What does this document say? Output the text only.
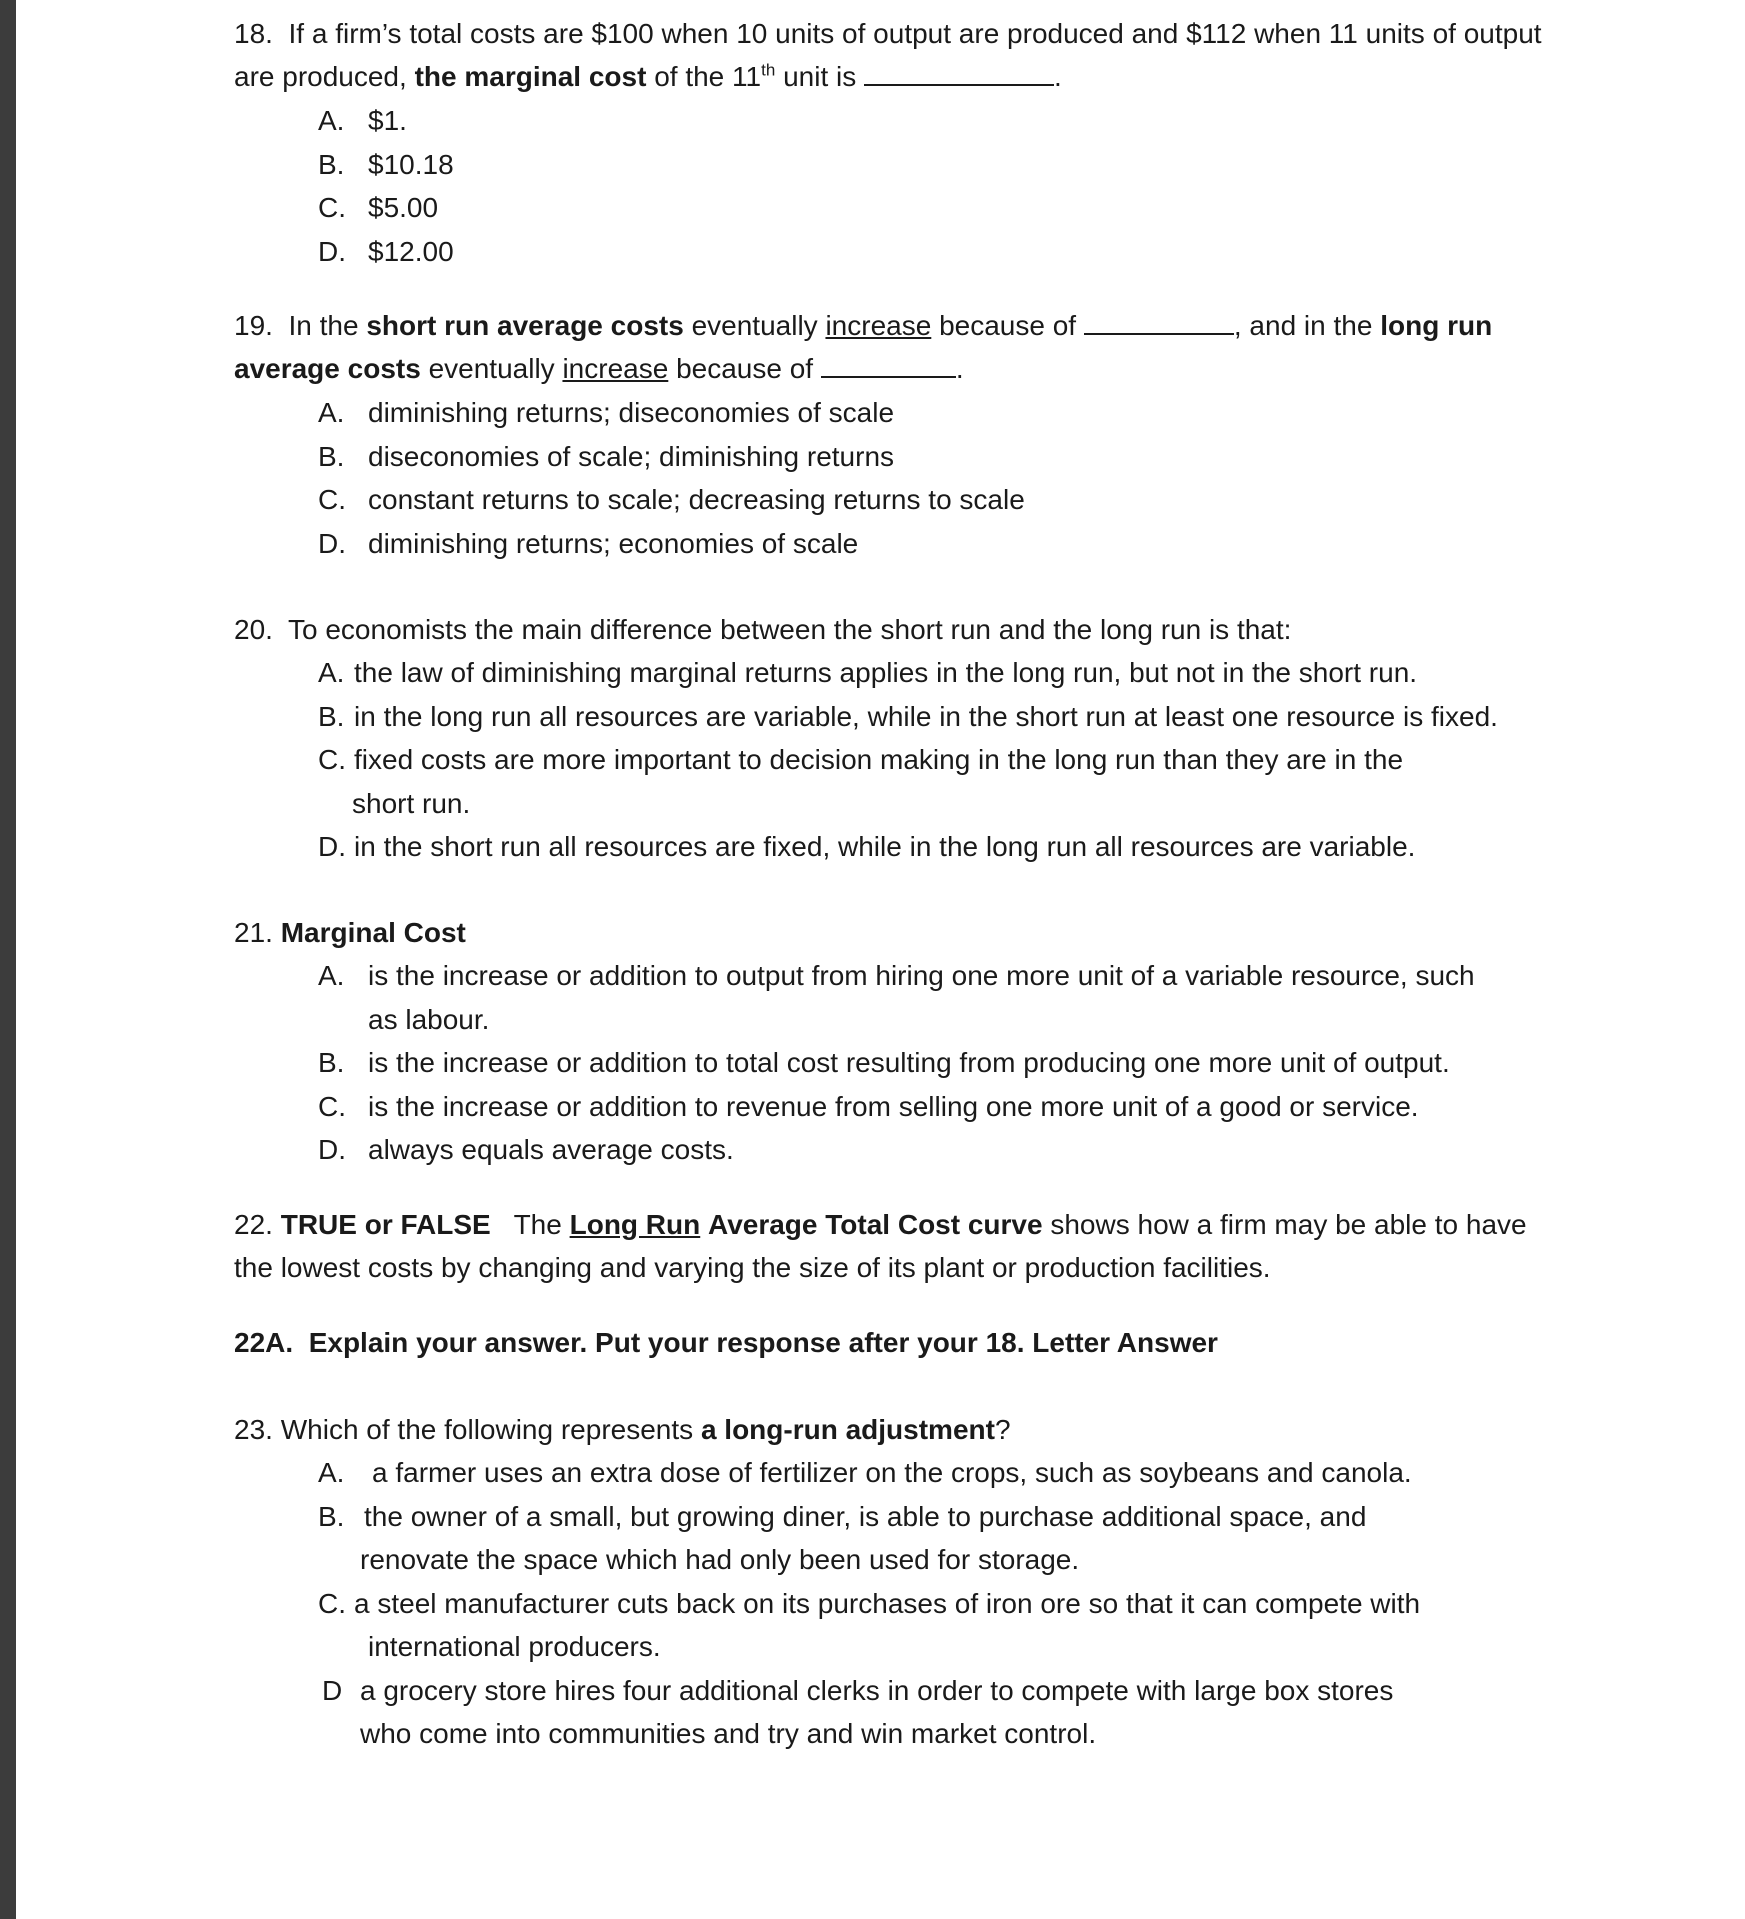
18. If a firm’s total costs are $100 when 10 units of output are produced and $112 when 11 units of output are produced, the marginal cost of the 11th unit is	.
A. $1.
B. $10.18
C. $5.00
D. $12.00
19. In the short run average costs eventually increase because of	, and in the long run average costs eventually increase because of	.
A. diminishing returns; diseconomies of scale
B. diseconomies of scale; diminishing returns
C. constant returns to scale; decreasing returns to scale
D. diminishing returns; economies of scale
20. To economists the main difference between the short run and the long run is that:
A. the law of diminishing marginal returns applies in the long run, but not in the short run.
B. in the long run all resources are variable, while in the short run at least one resource is fixed.
C. fixed costs are more important to decision making in the long run than they are in the
short run.
D. in the short run all resources are fixed, while in the long run all resources are variable.
21. Marginal Cost
A. is the increase or addition to output from hiring one more unit of a variable resource, such
as labour.
B. is the increase or addition to total cost resulting from producing one more unit of output.
C. is the increase or addition to revenue from selling one more unit of a good or service.
D. always equals average costs.
22. TRUE or FALSE The Long Run Average Total Cost curve shows how a firm may be able to have the lowest costs by changing and varying the size of its plant or production facilities.
22A.  Explain your answer. Put your response after your 18. Letter Answer
23. Which of the following represents a long-run adjustment?
A. a farmer uses an extra dose of fertilizer on the crops, such as soybeans and canola.
B. the owner of a small, but growing diner, is able to purchase additional space, and
renovate the space which had only been used for storage.
C. a steel manufacturer cuts back on its purchases of iron ore so that it can compete with
international producers.
D a grocery store hires four additional clerks in order to compete with large box stores
who come into communities and try and win market control.
